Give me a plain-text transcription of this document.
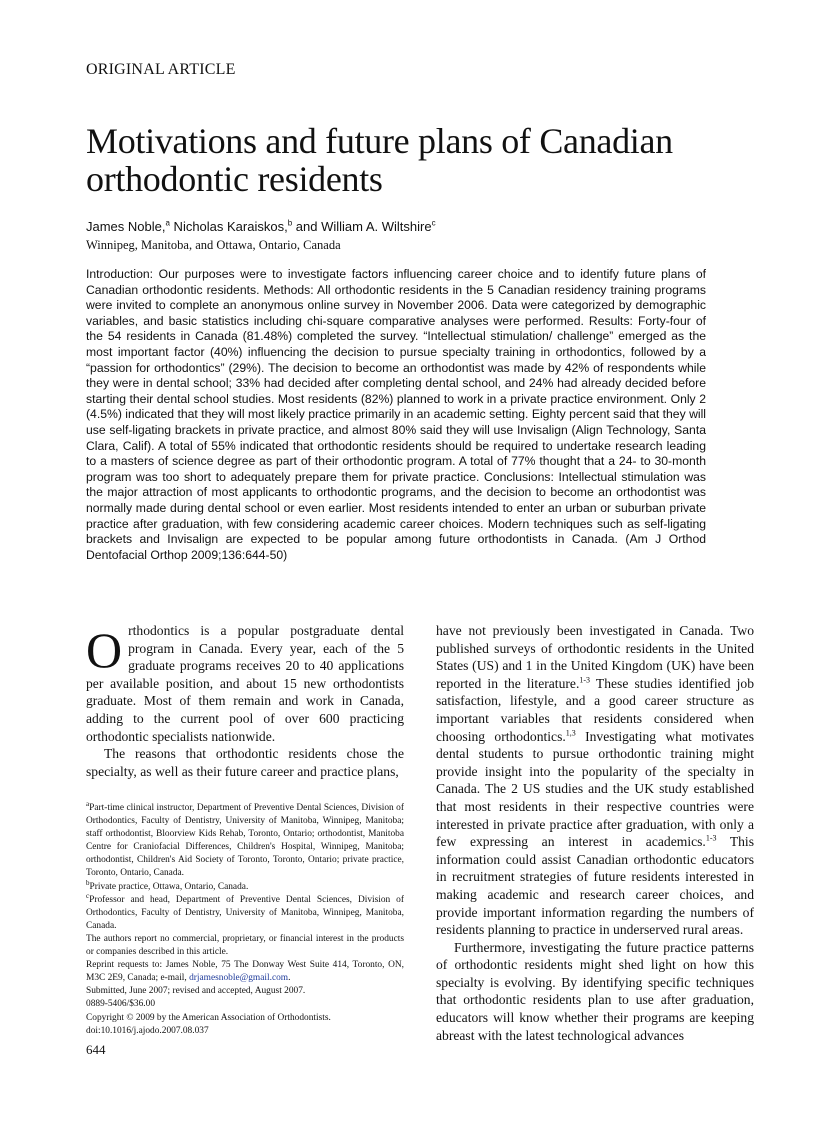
ORIGINAL ARTICLE
Motivations and future plans of Canadian orthodontic residents
James Noble,$^a$ Nicholas Karaiskos,$^b$ and William A. Wiltshire$^c$
Winnipeg, Manitoba, and Ottawa, Ontario, Canada

Introduction: Our purposes were to investigate factors influencing career choice and to identify future plans of Canadian orthodontic residents. Methods: All orthodontic residents in the 5 Canadian residency training programs were invited to complete an anonymous online survey in November 2006. Data were categorized by demographic variables, and basic statistics including chi-square comparative analyses were performed. Results: Forty-four of the 54 residents in Canada (81.48%) completed the survey. “Intellectual stimulation/ challenge” emerged as the most important factor (40%) influencing the decision to pursue specialty training in orthodontics, followed by a “passion for orthodontics” (29%). The decision to become an orthodontist was made by 42% of respondents while they were in dental school; 33% had decided after completing dental school, and 24% had already decided before starting their dental school studies. Most residents (82%) planned to work in a private practice environment. Only 2 (4.5%) indicated that they will most likely practice primarily in an academic setting. Eighty percent said that they will use self-ligating brackets in private practice, and almost 80% said they will use Invisalign (Align Technology, Santa Clara, Calif). A total of 55% indicated that orthodontic residents should be required to undertake research leading to a masters of science degree as part of their orthodontic program. A total of 77% thought that a 24- to 30-month program was too short to adequately prepare them for private practice. Conclusions: Intellectual stimulation was the major attraction of most applicants to orthodontic programs, and the decision to become an orthodontist was normally made during dental school or even earlier. Most residents intended to enter an urban or suburban private practice after graduation, with few considering academic career choices. Modern techniques such as self-ligating brackets and Invisalign are expected to be popular among future orthodontists in Canada. (Am J Orthod Dentofacial Orthop 2009;136:644-50)

Orthodontics is a popular postgraduate dental program in Canada. Every year, each of the 5 graduate programs receives 20 to 40 applications per available position, and about 15 new orthodontists graduate. Most of them remain and work in Canada, adding to the current pool of over 600 practicing orthodontic specialists nationwide.

The reasons that orthodontic residents chose the specialty, as well as their future career and practice plans,

$^a$Part-time clinical instructor, Department of Preventive Dental Sciences, Division of Orthodontics, Faculty of Dentistry, University of Manitoba, Winnipeg, Manitoba; staff orthodontist, Bloorview Kids Rehab, Toronto, Ontario; orthodontist, Manitoba Centre for Craniofacial Differences, Children's Hospital, Winnipeg, Manitoba; orthodontist, Children's Aid Society of Toronto, Toronto, Ontario; private practice, Toronto, Ontario, Canada.
$^b$Private practice, Ottawa, Ontario, Canada.
$^c$Professor and head, Department of Preventive Dental Sciences, Division of Orthodontics, Faculty of Dentistry, University of Manitoba, Winnipeg, Manitoba, Canada.
The authors report no commercial, proprietary, or financial interest in the products or companies described in this article.
Reprint requests to: James Noble, 75 The Donway West Suite 414, Toronto, ON, M3C 2E9, Canada; e-mail, drjamesnoble@gmail.com.
Submitted, June 2007; revised and accepted, August 2007.
0889-5406/$36.00
Copyright © 2009 by the American Association of Orthodontists.
doi:10.1016/j.ajodo.2007.08.037

have not previously been investigated in Canada. Two published surveys of orthodontic residents in the United States (US) and 1 in the United Kingdom (UK) have been reported in the literature.$^{1-3}$ These studies identified job satisfaction, lifestyle, and a good career structure as important variables that residents considered when choosing orthodontics.$^{1,3}$ Investigating what motivates dental students to pursue orthodontic training might provide insight into the popularity of the specialty in Canada. The 2 US studies and the UK study established that most residents in their respective countries were interested in private practice after graduation, with only a few expressing an interest in academics.$^{1-3}$ This information could assist Canadian orthodontic educators in recruitment strategies of future residents interested in making academic and research career choices, and provide important information regarding the numbers of residents planning to practice in underserved rural areas.

Furthermore, investigating the future practice patterns of orthodontic residents might shed light on how this specialty is evolving. By identifying specific techniques that orthodontic residents plan to use after graduation, educators will know whether their programs are keeping abreast with the latest technological advances

644
